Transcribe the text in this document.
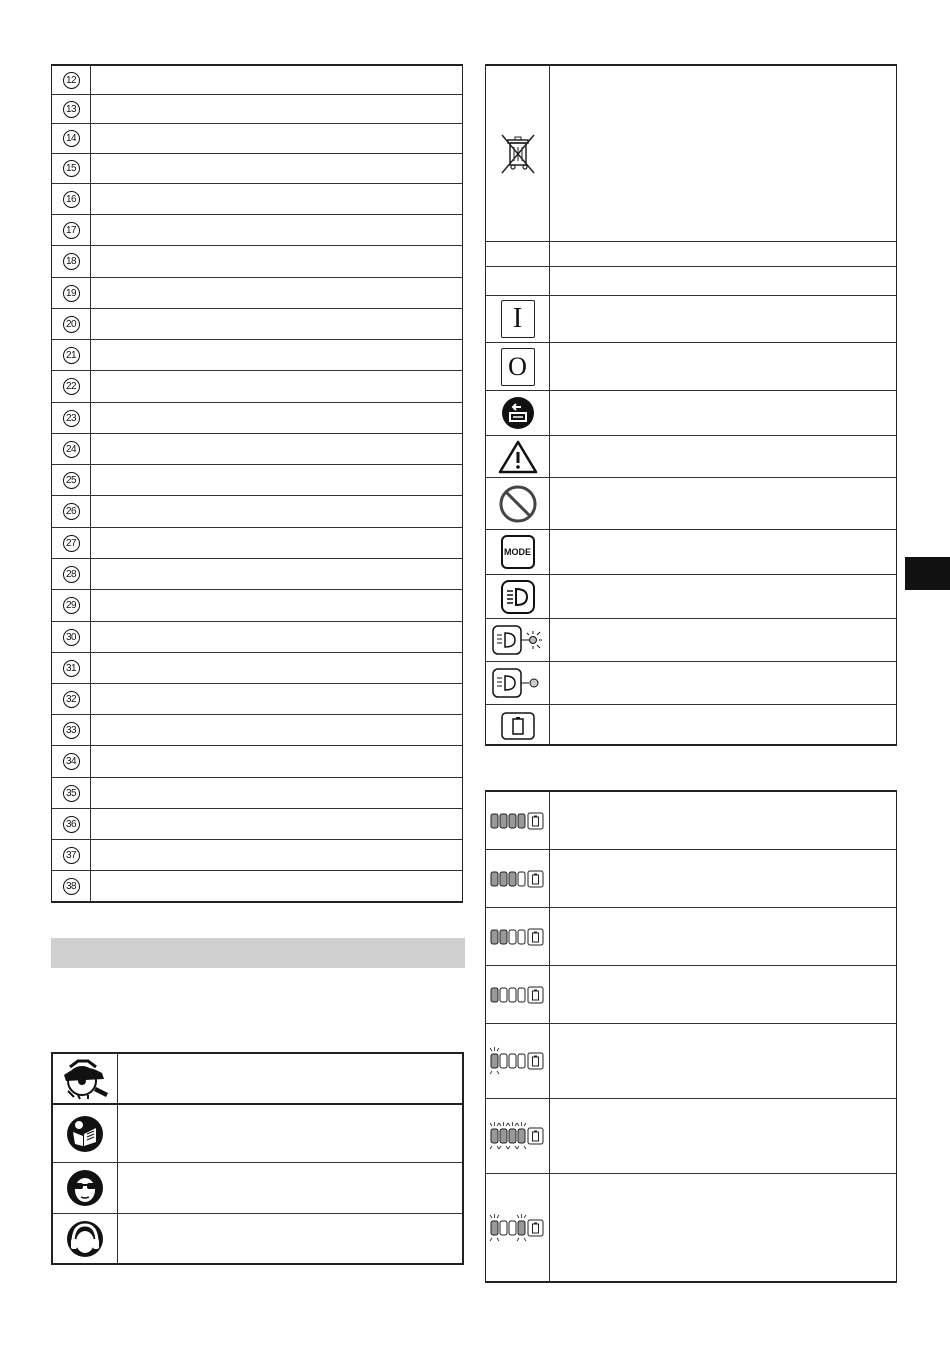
12
13
14
15
16
17
18
19
20
21
22
23
24
25
26
27
28
29
30
31
32
33
34
35
36
37
38
I
O
MODE
